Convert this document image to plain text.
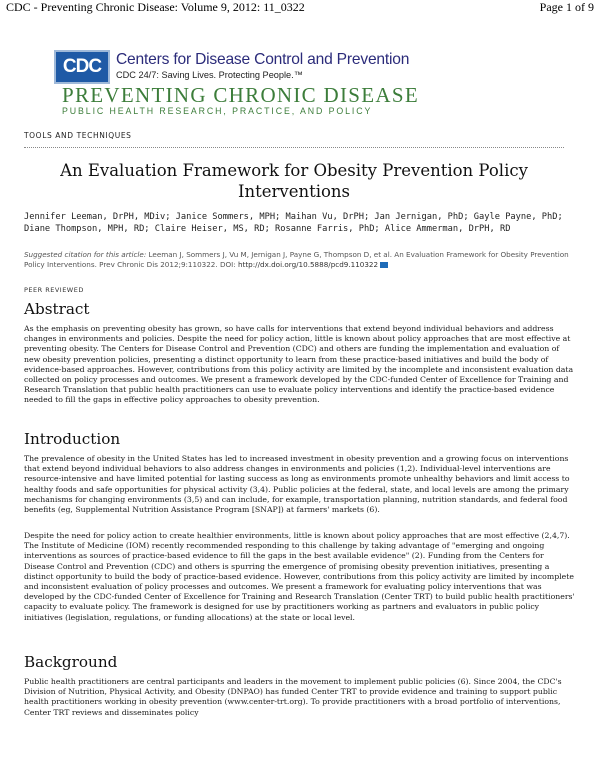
CDC - Preventing Chronic Disease: Volume 9, 2012: 11_0322	Page 1 of 9
CDC Centers for Disease Control and Prevention
CDC 24/7: Saving Lives. Protecting People.™
PREVENTING CHRONIC DISEASE
PUBLIC HEALTH RESEARCH, PRACTICE, AND POLICY
TOOLS AND TECHNIQUES
An Evaluation Framework for Obesity Prevention Policy Interventions
Jennifer Leeman, DrPH, MDiv; Janice Sommers, MPH; Maihan Vu, DrPH; Jan Jernigan, PhD; Gayle Payne, PhD; Diane Thompson, MPH, RD; Claire Heiser, MS, RD; Rosanne Farris, PhD; Alice Ammerman, DrPH, RD
Suggested citation for this article: Leeman J, Sommers J, Vu M, Jernigan J, Payne G, Thompson D, et al. An Evaluation Framework for Obesity Prevention Policy Interventions. Prev Chronic Dis 2012;9:110322. DOI: http://dx.doi.org/10.5888/pcd9.110322
PEER REVIEWED
Abstract
As the emphasis on preventing obesity has grown, so have calls for interventions that extend beyond individual behaviors and address changes in environments and policies. Despite the need for policy action, little is known about policy approaches that are most effective at preventing obesity. The Centers for Disease Control and Prevention (CDC) and others are funding the implementation and evaluation of new obesity prevention policies, presenting a distinct opportunity to learn from these practice-based initiatives and build the body of evidence-based approaches. However, contributions from this policy activity are limited by the incomplete and inconsistent evaluation data collected on policy processes and outcomes. We present a framework developed by the CDC-funded Center of Excellence for Training and Research Translation that public health practitioners can use to evaluate policy interventions and identify the practice-based evidence needed to fill the gaps in effective policy approaches to obesity prevention.
Introduction
The prevalence of obesity in the United States has led to increased investment in obesity prevention and a growing focus on interventions that extend beyond individual behaviors to also address changes in environments and policies (1,2). Individual-level interventions are resource-intensive and have limited potential for lasting success as long as environments promote unhealthy behaviors and limit access to healthy foods and safe opportunities for physical activity (3,4). Public policies at the federal, state, and local levels are among the primary mechanisms for changing environments (3,5) and can include, for example, transportation planning, nutrition standards, and federal food benefits (eg, Supplemental Nutrition Assistance Program [SNAP]) at farmers' markets (6).
Despite the need for policy action to create healthier environments, little is known about policy approaches that are most effective (2,4,7). The Institute of Medicine (IOM) recently recommended responding to this challenge by taking advantage of "emerging and ongoing interventions as sources of practice-based evidence to fill the gaps in the best available evidence" (2). Funding from the Centers for Disease Control and Prevention (CDC) and others is spurring the emergence of promising obesity prevention initiatives, presenting a distinct opportunity to build the body of practice-based evidence. However, contributions from this policy activity are limited by incomplete and inconsistent evaluation of policy processes and outcomes. We present a framework for evaluating policy interventions that was developed by the CDC-funded Center of Excellence for Training and Research Translation (Center TRT) to build public health practitioners' capacity to evaluate policy. The framework is designed for use by practitioners working as partners and evaluators in public policy initiatives (legislation, regulations, or funding allocations) at the state or local level.
Background
Public health practitioners are central participants and leaders in the movement to implement public policies (6). Since 2004, the CDC's Division of Nutrition, Physical Activity, and Obesity (DNPAO) has funded Center TRT to provide evidence and training to support public health practitioners working in obesity prevention (www.center-trt.org). To provide practitioners with a broad portfolio of interventions, Center TRT reviews and disseminates policy
